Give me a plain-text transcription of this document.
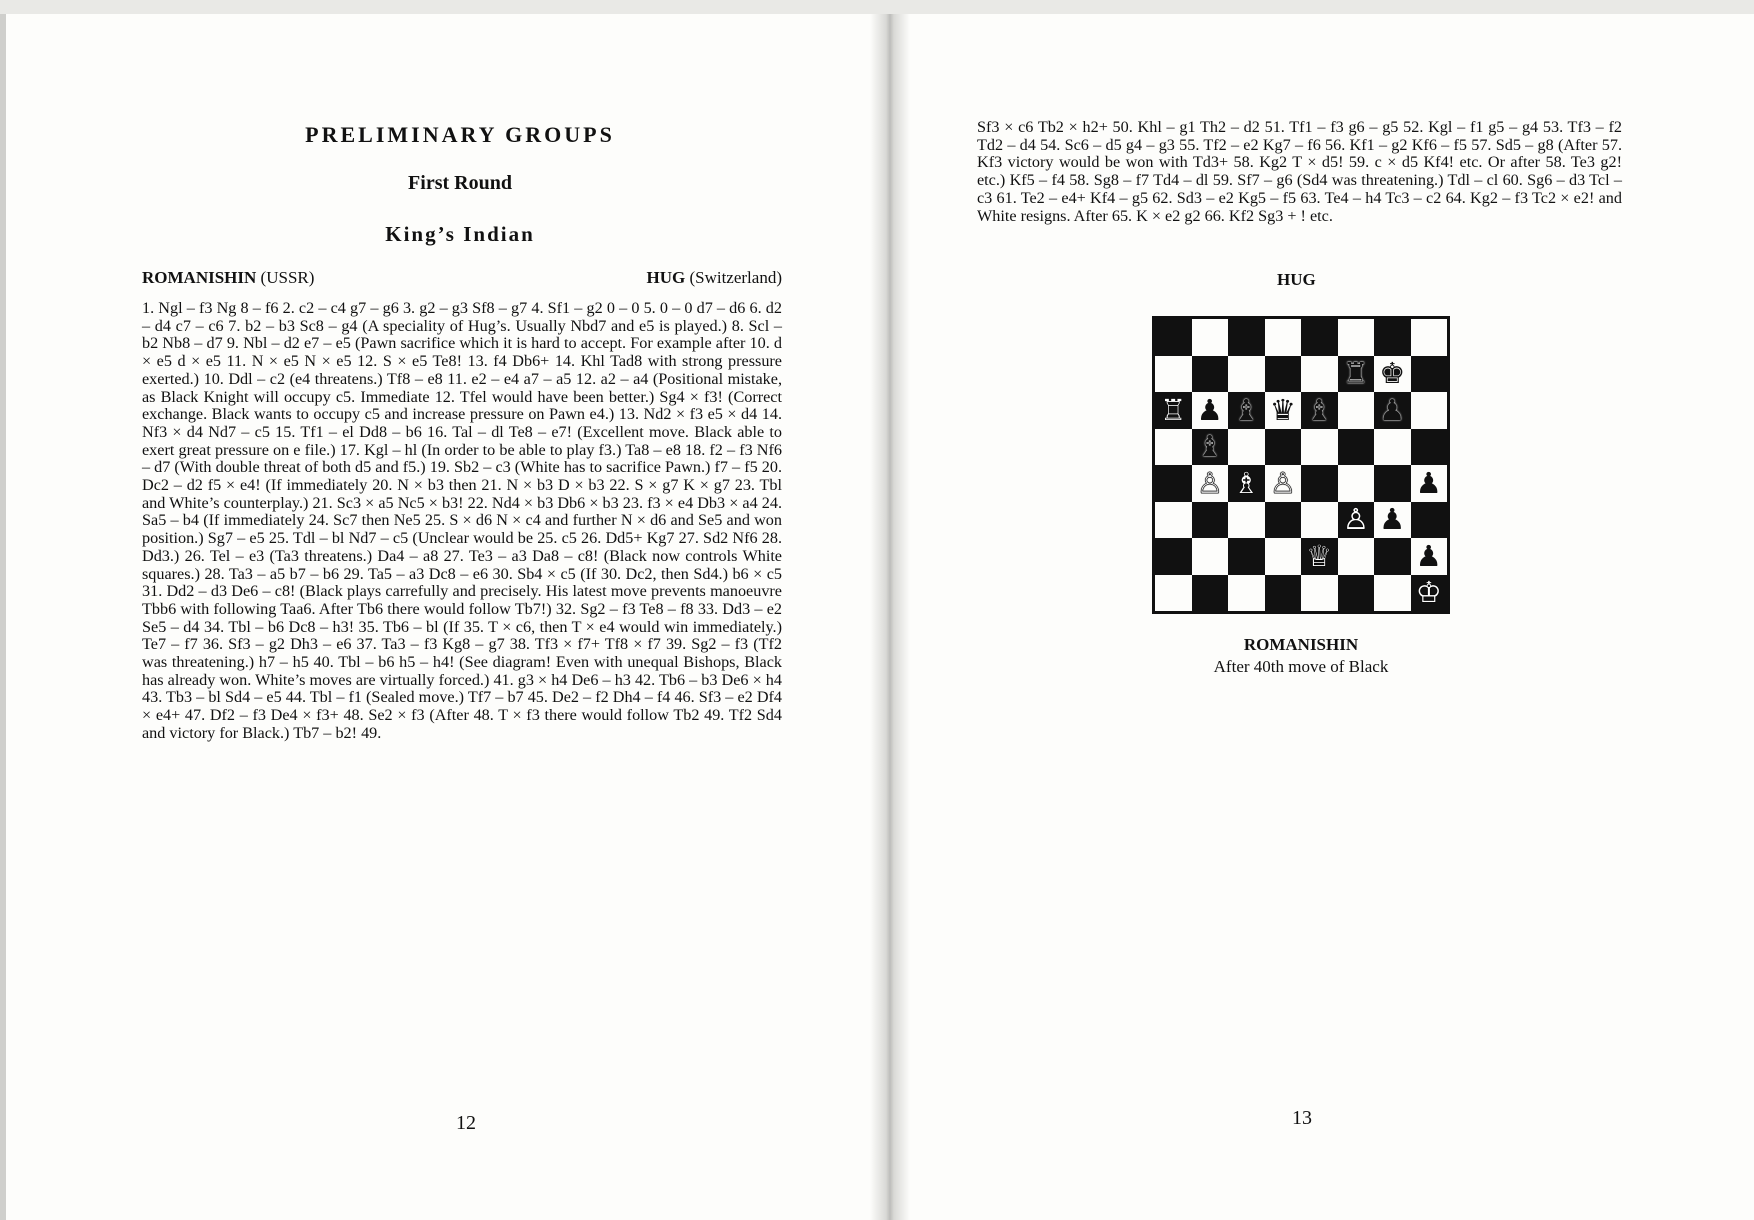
PRELIMINARY GROUPS
First Round
King’s Indian
ROMANISHIN (USSR)	HUG (Switzerland)
1. Ngl – f3 Ng 8 – f6 2. c2 – c4 g7 – g6 3. g2 – g3 Sf8 – g7 4. Sf1 – g2 0 – 0 5. 0 – 0 d7 – d6 6. d2 – d4 c7 – c6 7. b2 – b3 Sc8 – g4 (A speciality of Hug’s. Usually Nbd7 and e5 is played.) 8. Scl – b2 Nb8 – d7 9. Nbl – d2 e7 – e5 (Pawn sacrifice which it is hard to accept. For example after 10. d × e5 d × e5 11. N × e5 N × e5 12. S × e5 Te8! 13. f4 Db6+ 14. Khl Tad8 with strong pressure exerted.) 10. Ddl – c2 (e4 threatens.) Tf8 – e8 11. e2 – e4 a7 – a5 12. a2 – a4 (Positional mistake, as Black Knight will occupy c5. Immediate 12. Tfel would have been better.) Sg4 × f3! (Correct exchange. Black wants to occupy c5 and increase pressure on Pawn e4.) 13. Nd2 × f3 e5 × d4 14. Nf3 × d4 Nd7 – c5 15. Tf1 – el Dd8 – b6 16. Tal – dl Te8 – e7! (Excellent move. Black able to exert great pressure on e file.) 17. Kgl – hl (In order to be able to play f3.) Ta8 – e8 18. f2 – f3 Nf6 – d7 (With double threat of both d5 and f5.) 19. Sb2 – c3 (White has to sacrifice Pawn.) f7 – f5 20. Dc2 – d2 f5 × e4! (If immediately 20. N × b3 then 21. N × b3 D × b3 22. S × g7 K × g7 23. Tbl and White’s counterplay.) 21. Sc3 × a5 Nc5 × b3! 22. Nd4 × b3 Db6 × b3 23. f3 × e4 Db3 × a4 24. Sa5 – b4 (If immediately 24. Sc7 then Ne5 25. S × d6 N × c4 and further N × d6 and Se5 and won position.) Sg7 – e5 25. Tdl – bl Nd7 – c5 (Unclear would be 25. c5 26. Dd5+ Kg7 27. Sd2 Nf6 28. Dd3.) 26. Tel – e3 (Ta3 threatens.) Da4 – a8 27. Te3 – a3 Da8 – c8! (Black now controls White squares.) 28. Ta3 – a5 b7 – b6 29. Ta5 – a3 Dc8 – e6 30. Sb4 × c5 (If 30. Dc2, then Sd4.) b6 × c5 31. Dd2 – d3 De6 – c8! (Black plays carrefully and precisely. His latest move prevents manoeuvre Tbb6 with following Taa6. After Tb6 there would follow Tb7!) 32. Sg2 – f3 Te8 – f8 33. Dd3 – e2 Se5 – d4 34. Tbl – b6 Dc8 – h3! 35. Tb6 – bl (If 35. T × c6, then T × e4 would win immediately.) Te7 – f7 36. Sf3 – g2 Dh3 – e6 37. Ta3 – f3 Kg8 – g7 38. Tf3 × f7+ Tf8 × f7 39. Sg2 – f3 (Tf2 was threatening.) h7 – h5 40. Tbl – b6 h5 – h4! (See diagram! Even with unequal Bishops, Black has already won. White’s moves are virtually forced.) 41. g3 × h4 De6 – h3 42. Tb6 – b3 De6 × h4 43. Tb3 – bl Sd4 – e5 44. Tbl – f1 (Sealed move.) Tf7 – b7 45. De2 – f2 Dh4 – f4 46. Sf3 – e2 Df4 × e4+ 47. Df2 – f3 De4 × f3+ 48. Se2 × f3 (After 48. T × f3 there would follow Tb2 49. Tf2 Sd4 and victory for Black.) Tb7 – b2! 49.
12
Sf3 × c6 Tb2 × h2+ 50. Khl – g1 Th2 – d2 51. Tf1 – f3 g6 – g5 52. Kgl – f1 g5 – g4 53. Tf3 – f2 Td2 – d4 54. Sc6 – d5 g4 – g3 55. Tf2 – e2 Kg7 – f6 56. Kf1 – g2 Kf6 – f5 57. Sd5 – g8 (After 57. Kf3 victory would be won with Td3+ 58. Kg2 T × d5! 59. c × d5 Kf4! etc. Or after 58. Te3 g2! etc.) Kf5 – f4 58. Sg8 – f7 Td4 – dl 59. Sf7 – g6 (Sd4 was threatening.) Tdl – cl 60. Sg6 – d3 Tcl – c3 61. Te2 – e4+ Kf4 – g5 62. Sd3 – e2 Kg5 – f5 63. Te4 – h4 Tc3 – c2 64. Kg2 – f3 Tc2 × e2! and White resigns. After 65. K × e2 g2 66. Kf2 Sg3 + ! etc.
HUG
♜ ♚
♖ ♟ ♝ ♛ ♝ ♟
♝
♙ ♗ ♙	♟
♙ ♟
♕	♟
♔
ROMANISHIN
After 40th move of Black
13
